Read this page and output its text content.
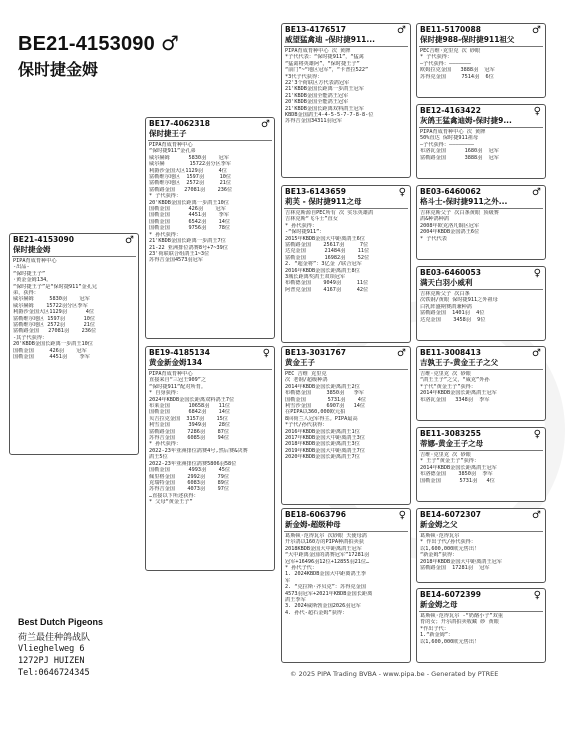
BE21-4153090 ♂
保时捷金姆
BE21-4153090	♂
保时捷金姆
PIPA育成育种中心
-出品-
“保时捷王子”
·黄金金姆134。
“保时捷王子”是“保时捷911”金孔兄
弟，获得：
威尔赫姆     5830羽    冠军
威尔赫姆    15722羽分区季军
利爵沙金国大区1129羽      4位
富勒维尔地区 1597羽      10位
富勒维尔地区 2572羽      21位
富勒路金国   27081羽    236位
-其子代获得：
20'KBDB金国长距离一步鸽王10位
国勒金国     426羽    冠军
国勒金国     4451羽    季军
BE17-4062318	♂
保时捷王子
PIPA育成育种中心
“保时捷911”金孔弟
威尔赫姆      5830羽    冠军
威尔赫        15722羽分区季军
利爵沙金国大区1129羽     4位
富勒维尔地区  1597羽     10位
富勒维尔地区  2572羽     21位
富勒路金国   27081羽    236位
* 子代获得：
20'KBDB金国长距离一步鸽王10位
国勒金国      426羽    冠军
国勒金国      4451羽    季军
国勒金国      6542羽    14位
国勒金国      9756羽    78位
* 孙代获得：
21'KBDB金国长距离一步鸽王7位
21-22 亚洲排位鸽赛8号+7~39位
23'荷联联合组鸽王1~3位
苏得吉金国4573羽冠军
BE19-4185134	♀
黄金新金姆134
PIPA育成育种中心
直接来自“三冠王909”之
“保时捷911”配对所育。
* 自身获得：
2024年KBDB金国长距离双料鸽王7位
布莱金国      10658羽   11位
国勒金国      6842羽    14位
贝吉拉克金国  3157羽    15位
利雪金国      3949羽    28位
富勒路金国    7286羽    87位
苏得吉金国    6085羽    94位
* 孙代获得：
2022-23年亚洲排位鸽赛4号,然后赛&决赛
鸽王5位
2022-23年亚洲排位鸽赛5806羽58位
国勒金国      4993羽    45位
佩里格金国    2992羽    79位
克瑞特金国    6083羽    89位
苏得吉金国    4073羽    97位
…直接以下所述获得：
* 父母“黄金王子”
BE13-4176517	♂
威望猛禽迪 -保时捷911...
PIPA育成育种中心 次 黄牌
*子代代表：“保时捷911”，“猛禽
“猛禽将英雄阿”，“保时捷王子”
“前门”~“地区冠军”，“卡普拉522”
*3代子代获得：
22'3个荷联区方代表鸽冠军
21'KBDB金国长距离一步鸽王冠军
21'KBDB金国全能鸽王冠军
20'KBDB金国全能鸽王冠军
21'KBDB金国长距离双料鸽王冠军
KBDB金国鸽王4-4-5-5-7-7-8-8-位
苏得吉金国34311羽冠军
BE13-6143659	♀
莉芙 - 保时捷911之母
吉林克斯源自PEC所有 次 实乐英雄鸽
吉林克斯“飞斗士”直女
* 孙代获得：
-“保时捷911”：
2015年KBDB金国大中距离鸽王6位
富勒路金国    25617羽     7位
达克金国      21484羽    11位
富勒金国      16982羽    52位
2. “超金将”：3亿金 /联合冠军
2016年KBDB金国长距离鸽王8位
3城长距离奖鸽王双项冠军
布勒德金国    9049羽     11位
阿普克金国    4167羽     42位
BE13-3031767	♂
黄金王子
PEC 吉维 克里克
次 老钢/超级种鸽
2014年KBDB金国长距离鸽王2位
布勒德金国     3850羽   季军
国勒金国       5731羽    4位
利雪沙金国     6907羽   14位
在PIPA以360,000欧元拍
8回荷兰人冠军得主。PIPA最高
*子代/孙代获得：
2016年KBDB金国长距离鸽王1位
2017年KBDB金国大中距离鸽王3位
2018年KBDB金国长距离鸽王3位
2019年KBDB金国大中距离鸽王7位
2020年KBDB金国长距离鸽王7位
BE18-6063796	♀
新金姆-超级种母
葛斯顿·范得瓦尔 次砂眼 天使母鸽
开尔鸽以160万的PIPA种鸽拍卖获
2018KBDB金国大中距离鸽王冠军
“大中距离金国的鸽赛冠军”17281羽
冠军+16496羽12位+12855羽21位…
* 孙代子代：
1. 2024KBDB金国大中距离鸽王季
军
2. “克拉斯·齐贝克”：苏得克金国
4573羽冠军+2021年KBDB金国长距离
鸽王季军
3. 2024威斯勃金国2026羽冠军
4. 孙代-超石金姆”获得：
BE11-5170088	♂
保时捷988-保时捷911祖父
PEC吉维·克里克 次 砂眼
* 子代获得：
—子代获得：———————
欧姆拉克金国   3888羽  冠军
苏得克金国     7514羽  6位
BE12-4163422	♀
灰鸽王猛禽迪姆-保时捷9...
PIPA育成育种中心 次 黄牌
50%直达 保时捷911祖母
—子代获得：————————
布洛瓦金国      1680羽  冠军
富勒路金国      3888羽  冠军
BE03-6460062	♂
格斗士-保时捷911之外...
吉林克斯父子 次白条黄眼 顶级赛
鸽&种鸽种鸽
2008年欧克洛凡铜区冠军
2004年KBDB金国鸽王6位
* 子代代表
BE03-6460053	♀
满天白羽小威利
吉林克斯父子 次白条
次铁钢/黄眼 保时捷911之外祖母
白乳阵盛期赛鸽兼种鸽
富勒路金国  1401羽  4位
达克金国    3458羽  9位
BE11-3008413	♂
吉孰王子-黄金王子之父
吉维·克里克 次 砂眼
“鸽王王子”之父，“威克”外孙
*子代“黄金王子”获得：
2014年KBDB金国长距离鸽王冠军
布洛瓦金国   3348羽  季军
BE11-3083255	♀
蒂娜-黄金王子之母
吉维·克里克 次 砂眼
* 王子“黄金王子”获得：
2014年KBDB金国长距离鸽王冠军
布洛德金国    3850羽  季军
国勒金国      5731羽   4位
BE14-6072307	♂
新金姆之父
葛斯顿·范得瓦尔
* 作出子代/孙代获得：
以1,600,000欧元售出！
“新金姆”获得：
2018年KBDB金国大中距离鸽王冠军
富勒路金国  17281羽  冠军
BE14-6072399	♀
新金姆之母
葛斯顿·范得瓦尔 -“奶酪小子”双重
育的女；开尔鸽拍卖收藏 砂 黄眼
*作出子代：
1.“新金姆”：
以1,600,000欧元售出！
Best Dutch Pigeons
荷兰最佳种鸽战队
Vlieghelweg 6
1272PJ HUIZEN
Tel:0646724345	© 2025 PIPA Trading BVBA - www.pipa.be - Generated by PTREE
